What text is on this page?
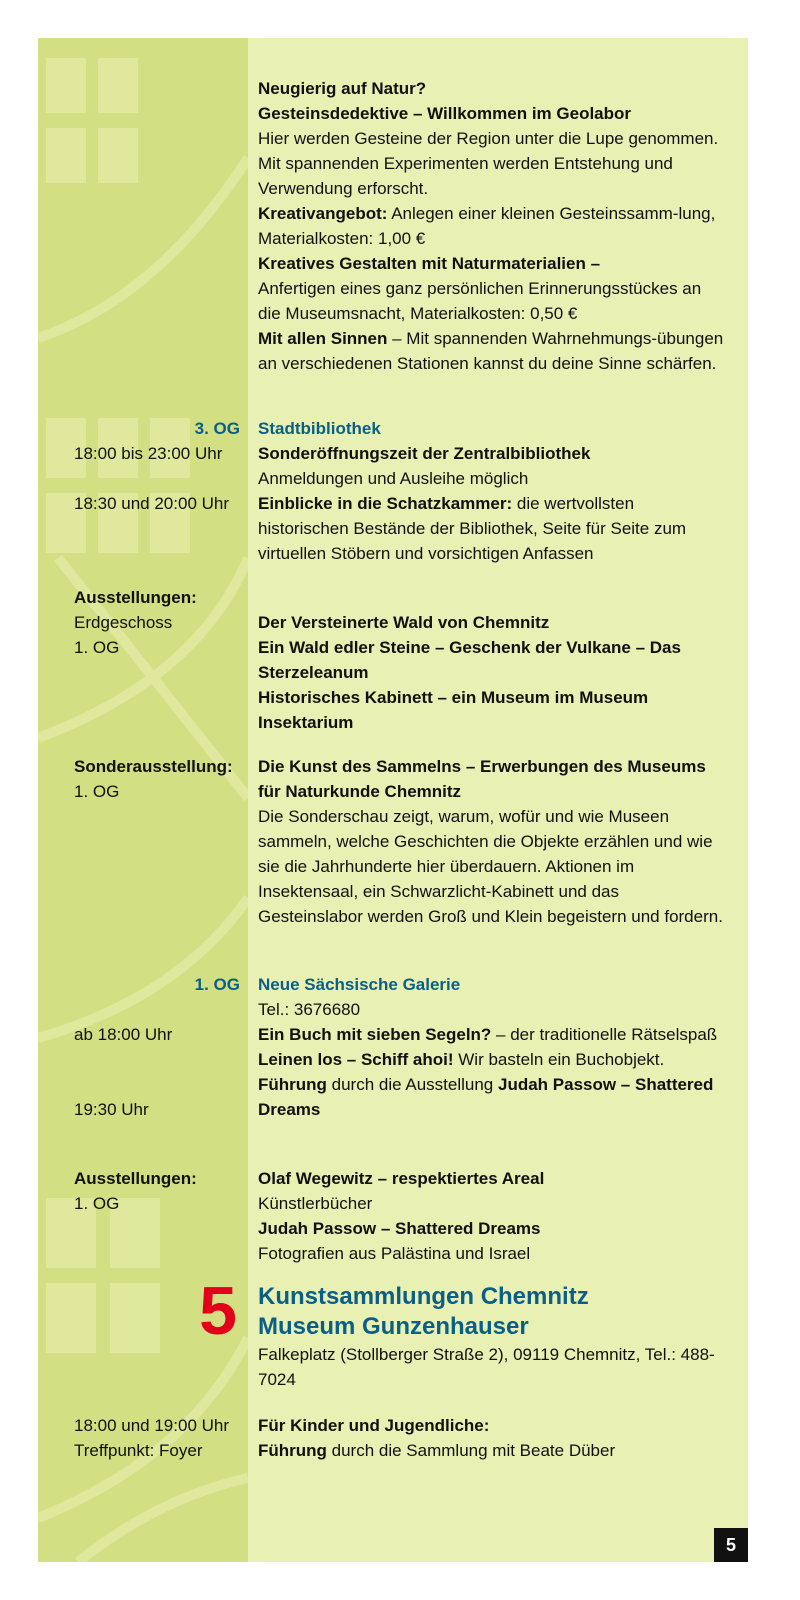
Neugierig auf Natur?
Gesteinsdedektive – Willkommen im Geolabor
Hier werden Gesteine der Region unter die Lupe genommen. Mit spannenden Experimenten werden Entstehung und Verwendung erforscht.
Kreativangebot: Anlegen einer kleinen Gesteinssamm-lung, Materialkosten: 1,00 €
Kreatives Gestalten mit Naturmaterialien –
Anfertigen eines ganz persönlichen Erinnerungsstückes an die Museumsnacht, Materialkosten: 0,50 €
Mit allen Sinnen – Mit spannenden Wahrnehmungs-übungen an verschiedenen Stationen kannst du deine Sinne schärfen.
3. OG Stadtbibliothek
18:00 bis 23:00 Uhr	Sonderöffnungszeit der Zentralbibliothek
Anmeldungen und Ausleihe möglich
18:30 und 20:00 Uhr	Einblicke in die Schatzkammer: die wertvollsten historischen Bestände der Bibliothek, Seite für Seite zum virtuellen Stöbern und vorsichtigen Anfassen
Ausstellungen:
Erdgeschoss
1. OG
Der Versteinerte Wald von Chemnitz
Ein Wald edler Steine – Geschenk der Vulkane – Das Sterzeleanum
Historisches Kabinett – ein Museum im Museum
Insektarium
Sonderausstellung:
1. OG
Die Kunst des Sammelns – Erwerbungen des Museums für Naturkunde Chemnitz
Die Sonderschau zeigt, warum, wofür und wie Museen sammeln, welche Geschichten die Objekte erzählen und wie sie die Jahrhunderte hier überdauern. Aktionen im Insektensaal, ein Schwarzlicht-Kabinett und das Gesteinslabor werden Groß und Klein begeistern und fordern.
1. OG Neue Sächsische Galerie
Tel.: 3676680
Ein Buch mit sieben Segeln? – der traditionelle Rätselspaß
Leinen los – Schiff ahoi! Wir basteln ein Buchobjekt.
Führung durch die Ausstellung Judah Passow – Shattered Dreams
ab 18:00 Uhr
19:30 Uhr
Ausstellungen:
1. OG
Olaf Wegewitz – respektiertes Areal
Künstlerbücher
Judah Passow – Shattered Dreams
Fotografien aus Palästina und Israel
5 Kunstsammlungen Chemnitz
Museum Gunzenhauser
Falkeplatz (Stollberger Straße 2), 09119 Chemnitz, Tel.: 488-7024
18:00 und 19:00 Uhr
Treffpunkt: Foyer
Für Kinder und Jugendliche:
Führung durch die Sammlung mit Beate Düber
5
